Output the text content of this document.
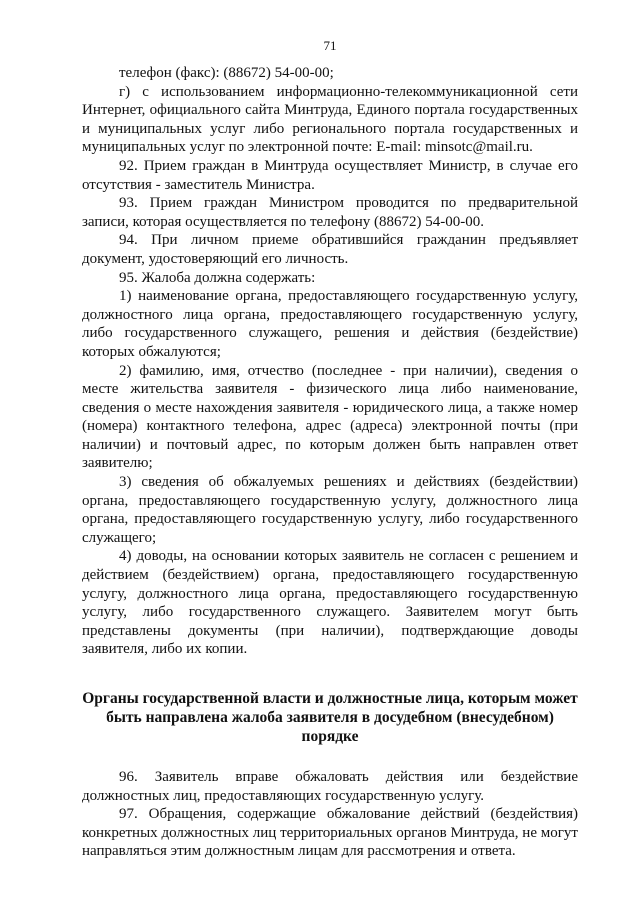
71

телефон (факс): (88672) 54-00-00;

г) с использованием информационно-телекоммуникационной сети Интернет, официального сайта Минтруда, Единого портала государственных и муниципальных услуг либо регионального портала государственных и муниципальных услуг по электронной почте: E-mail: minsotc@mail.ru.

92. Прием граждан в Минтруда осуществляет Министр, в случае его отсутствия - заместитель Министра.

93. Прием граждан Министром проводится по предварительной записи, которая осуществляется по телефону (88672) 54-00-00.

94. При личном приеме обратившийся гражданин предъявляет документ, удостоверяющий его личность.

95. Жалоба должна содержать:

1) наименование органа, предоставляющего государственную услугу, должностного лица органа, предоставляющего государственную услугу, либо государственного служащего, решения и действия (бездействие) которых обжалуются;

2) фамилию, имя, отчество (последнее - при наличии), сведения о месте жительства заявителя - физического лица либо наименование, сведения о месте нахождения заявителя - юридического лица, а также номер (номера) контактного телефона, адрес (адреса) электронной почты (при наличии) и почтовый адрес, по которым должен быть направлен ответ заявителю;

3) сведения об обжалуемых решениях и действиях (бездействии) органа, предоставляющего государственную услугу, должностного лица органа, предоставляющего государственную услугу, либо государственного служащего;

4) доводы, на основании которых заявитель не согласен с решением и действием (бездействием) органа, предоставляющего государственную услугу, должностного лица органа, предоставляющего государственную услугу, либо государственного служащего. Заявителем могут быть представлены документы (при наличии), подтверждающие доводы заявителя, либо их копии.

Органы государственной власти и должностные лица, которым может быть направлена жалоба заявителя в досудебном (внесудебном) порядке

96. Заявитель вправе обжаловать действия или бездействие должностных лиц, предоставляющих государственную услугу.

97. Обращения, содержащие обжалование действий (бездействия) конкретных должностных лиц территориальных органов Минтруда, не могут направляться этим должностным лицам для рассмотрения и ответа.
